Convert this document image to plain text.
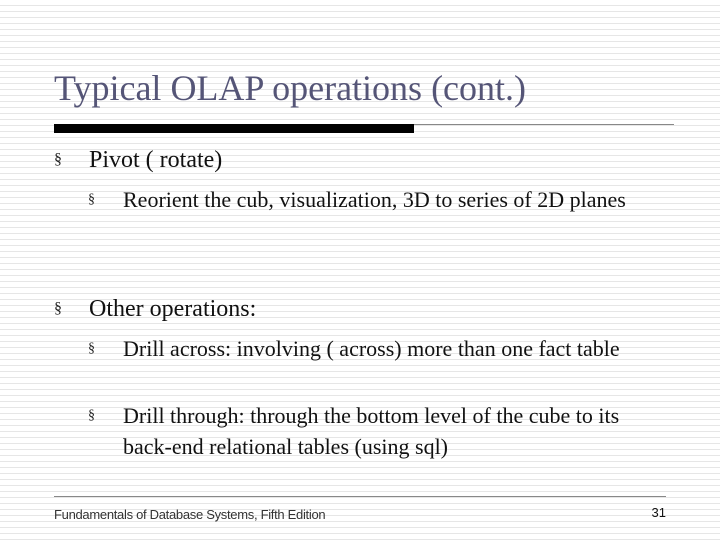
Typical OLAP operations (cont.)
§ Pivot ( rotate)
§ Reorient the cub, visualization, 3D to series of 2D planes
§ Other operations:
§ Drill across: involving ( across) more than one fact table
§ Drill through: through the bottom level of the cube to its back-end relational tables (using sql)
Fundamentals of Database Systems, Fifth Edition	31
